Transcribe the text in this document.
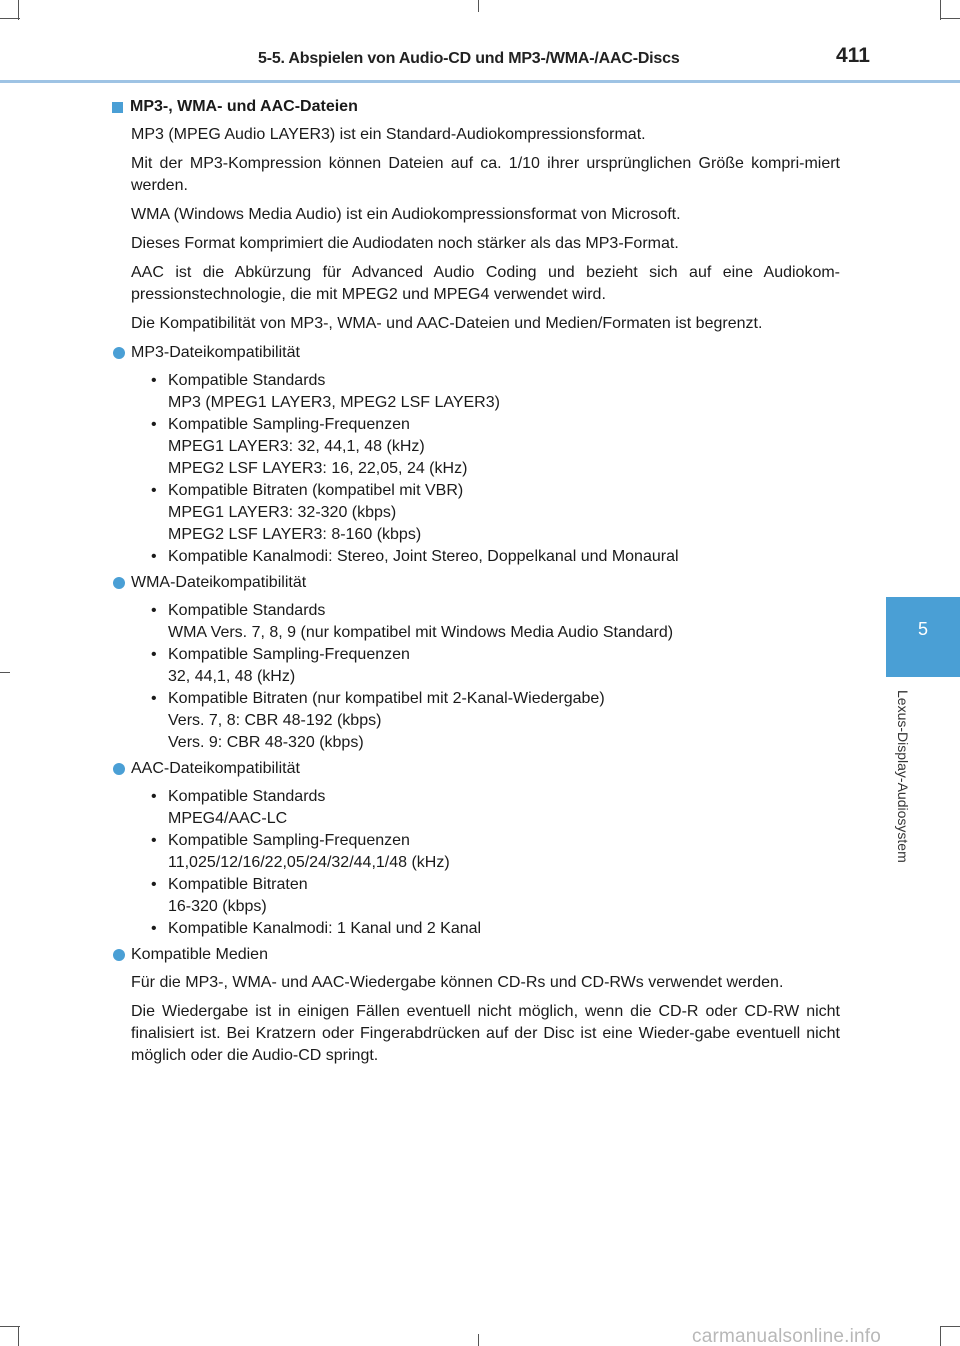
5-5. Abspielen von Audio-CD und MP3-/WMA-/AAC-Discs	411
5
Lexus-Display-Audiosystem
MP3-, WMA- und AAC-Dateien

MP3 (MPEG Audio LAYER3) ist ein Standard-Audiokompressionsformat.

Mit der MP3-Kompression können Dateien auf ca. 1/10 ihrer ursprünglichen Größe kompri-miert werden.

WMA (Windows Media Audio) ist ein Audiokompressionsformat von Microsoft.

Dieses Format komprimiert die Audiodaten noch stärker als das MP3-Format.

AAC ist die Abkürzung für Advanced Audio Coding und bezieht sich auf eine Audiokom-pressionstechnologie, die mit MPEG2 und MPEG4 verwendet wird.

Die Kompatibilität von MP3-, WMA- und AAC-Dateien und Medien/Formaten ist begrenzt.

MP3-Dateikompatibilität
• Kompatible Standards
MP3 (MPEG1 LAYER3, MPEG2 LSF LAYER3)
• Kompatible Sampling-Frequenzen
MPEG1 LAYER3: 32, 44,1, 48 (kHz)
MPEG2 LSF LAYER3: 16, 22,05, 24 (kHz)
• Kompatible Bitraten (kompatibel mit VBR)
MPEG1 LAYER3: 32-320 (kbps)
MPEG2 LSF LAYER3: 8-160 (kbps)
• Kompatible Kanalmodi: Stereo, Joint Stereo, Doppelkanal und Monaural
WMA-Dateikompatibilität
• Kompatible Standards
WMA Vers. 7, 8, 9 (nur kompatibel mit Windows Media Audio Standard)
• Kompatible Sampling-Frequenzen
32, 44,1, 48 (kHz)
• Kompatible Bitraten (nur kompatibel mit 2-Kanal-Wiedergabe)
Vers. 7, 8: CBR 48-192 (kbps)
Vers. 9: CBR 48-320 (kbps)
AAC-Dateikompatibilität
• Kompatible Standards
MPEG4/AAC-LC
• Kompatible Sampling-Frequenzen
11,025/12/16/22,05/24/32/44,1/48 (kHz)
• Kompatible Bitraten
16-320 (kbps)
• Kompatible Kanalmodi: 1 Kanal und 2 Kanal
Kompatible Medien

Für die MP3-, WMA- und AAC-Wiedergabe können CD-Rs und CD-RWs verwendet werden.

Die Wiedergabe ist in einigen Fällen eventuell nicht möglich, wenn die CD-R oder CD-RW nicht finalisiert ist. Bei Kratzern oder Fingerabdrücken auf der Disc ist eine Wieder-gabe eventuell nicht möglich oder die Audio-CD springt.

carmanualsonline.info
